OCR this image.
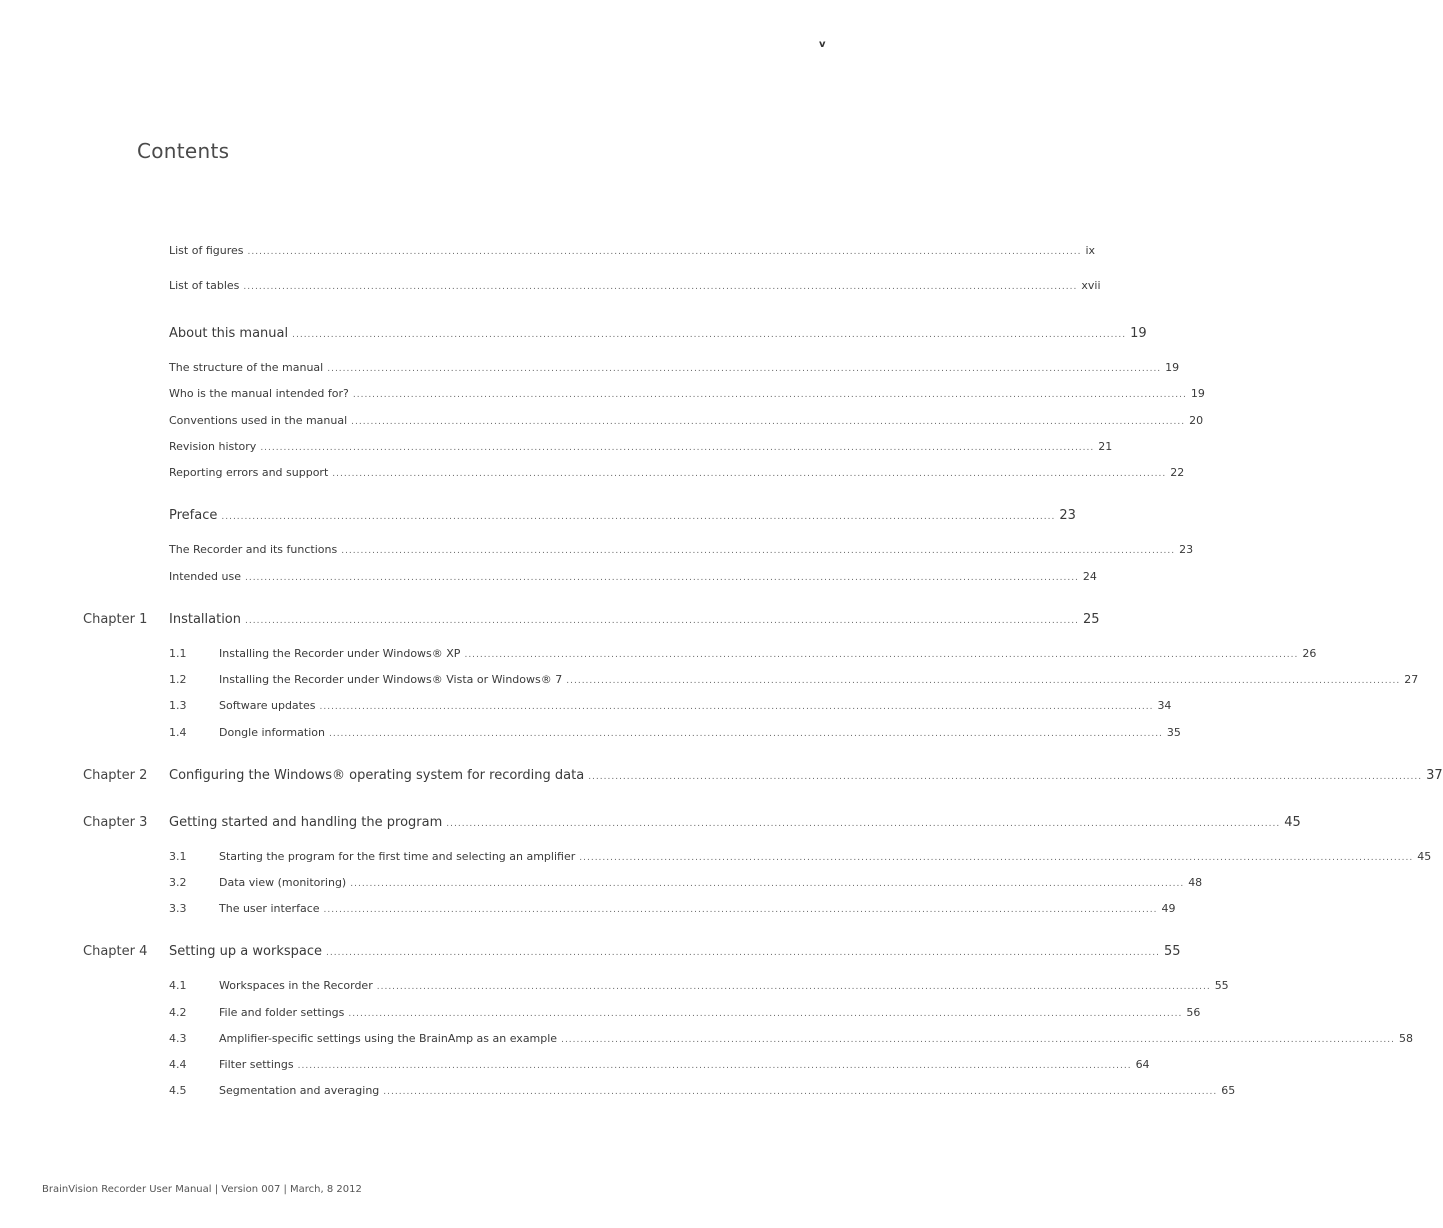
v
Contents
List of figures ........................................................................................................................................................................................................................ ix
List of tables ........................................................................................................................................................................................................................ xvii
About this manual ........................................................................................................................................................................................................................ 19
The structure of the manual ........................................................................................................................................................................................................................ 19
Who is the manual intended for? ........................................................................................................................................................................................................................ 19
Conventions used in the manual ........................................................................................................................................................................................................................ 20
Revision history ........................................................................................................................................................................................................................ 21
Reporting errors and support ........................................................................................................................................................................................................................ 22
Preface ........................................................................................................................................................................................................................ 23
The Recorder and its functions ........................................................................................................................................................................................................................ 23
Intended use ........................................................................................................................................................................................................................ 24
Chapter 1 Installation ........................................................................................................................................................................................................................ 25
1.1	Installing the Recorder under Windows® XP ........................................................................................................................................................................................................................ 26
1.2	Installing the Recorder under Windows® Vista or Windows® 7 ........................................................................................................................................................................................................................ 27
1.3	Software updates ........................................................................................................................................................................................................................ 34
1.4	Dongle information ........................................................................................................................................................................................................................ 35
Chapter 2 Configuring the Windows® operating system for recording data ........................................................................................................................................................................................................................ 37
Chapter 3 Getting started and handling the program ........................................................................................................................................................................................................................ 45
3.1	Starting the program for the first time and selecting an amplifier ........................................................................................................................................................................................................................ 45
3.2	Data view (monitoring) ........................................................................................................................................................................................................................ 48
3.3	The user interface ........................................................................................................................................................................................................................ 49
Chapter 4 Setting up a workspace ........................................................................................................................................................................................................................ 55
4.1	Workspaces in the Recorder ........................................................................................................................................................................................................................ 55
4.2	File and folder settings ........................................................................................................................................................................................................................ 56
4.3	Amplifier-specific settings using the BrainAmp as an example ........................................................................................................................................................................................................................ 58
4.4	Filter settings ........................................................................................................................................................................................................................ 64
4.5	Segmentation and averaging ........................................................................................................................................................................................................................ 65
BrainVision Recorder User Manual | Version 007 | March, 8 2012
